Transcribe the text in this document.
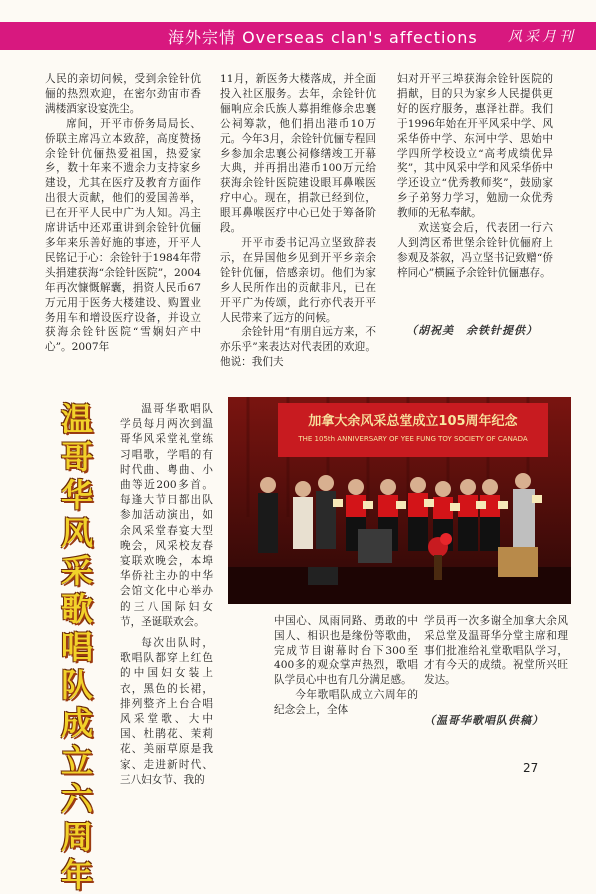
海外宗情 Overseas clan's affections 风采月刊

人民的亲切问候，受到余铨针伉俪的热烈欢迎，在密尔劲宙市香满楼酒家设宴洗尘。

席间，开平市侨务局局长、侨联主席冯立本致辞，高度赞扬余铨针伉俪热爱祖国，热爱家乡，数十年来不遗余力支持家乡建设，尤其在医疗及教育方面作出很大贡献，他们的爱国善举，已在开平人民中广为人知。冯主席讲话中还邓重讲到余铨针伉俪多年来乐善好施的事迹，开平人民铭记于心：余铨针于1984年带头捐建获海“余铨针医院”，2004年再次慷慨解囊，捐资人民币67万元用于医务大楼建设、购置业务用车和增设医疗设备，并设立获海余铨针医院“雪娴妇产中心”。2007年

11月，新医务大楼落成，并全面投入社区服务。去年，余铨针伉俪响应余氏族人募捐维修余忠襄公祠筹款，他们捐出港币10万元。今年3月，余铨针伉俪专程回乡参加余忠襄公祠修缮竣工开幕大典，并再捐出港币100万元给获海余铨针医院建设眼耳鼻喉医疗中心。现在，捐款已经到位，眼耳鼻喉医疗中心已处于筹备阶段。

开平市委书记冯立坚致辞表示，在异国他乡见到开平乡亲余铨针伉俪，倍感亲切。他们为家乡人民所作出的贡献非凡，已在开平广为传颂，此行亦代表开平人民带来了远方的问候。

余铨针用“有朋自远方来，不亦乐乎”来表达对代表团的欢迎。他说：我们夫

妇对开平三埠获海余铨针医院的捐献，目的只为家乡人民提供更好的医疗服务，惠泽社群。我们于1996年始在开平风采中学、风采华侨中学、东河中学、思始中学四所学校设立“高考成绩优异奖”，其中风采中学和风采华侨中学还设立“优秀教师奖”，鼓励家乡子弟努力学习，勉励一众优秀教师的无私奉献。

欢送宴会后，代表团一行六人到湾区希世堡余铨针伉俪府上参观及茶叙，冯立坚书记致赠“侨梓同心”横匾予余铨针伉俪惠存。

（胡祝美　余铁针提供）
温
哥
华
风
采
歌
唱
队
成
立
六
周
年

温哥华歌唱队学员每月两次到温哥华风采堂礼堂练习唱歌，学唱的有时代曲、粤曲、小曲等近200多首。每逢大节日都出队参加活动演出，如余风采堂春宴大型晚会，风采校友春宴联欢晚会，本埠华侨社主办的中华会馆文化中心举办的三八国际妇女节，圣诞联欢会。

每次出队时，歌唱队都穿上红色的中国妇女装上衣，黑色的长裙，排列整齐上台合唱风采堂歌、大中国、杜鹃花、茉莉花、美丽草原是我家、走进新时代、三八妇女节、我的

加拿大余风采总堂成立105周年纪念
THE 105th ANNIVERSARY OF YEE FUNG TOY SOCIETY OF CANADA

中国心、凤雨同路、勇敢的中国人、相识也是缘份等歌曲，完成节目谢幕时台下300至400多的观众掌声热烈，歌唱队学员心中也有几分满足感。

今年歌唱队成立六周年的纪念会上，全体

学员再一次多谢全加拿大余风采总堂及温哥华分堂主席和理事们批准给礼堂歌唱队学习，才有今天的成绩。祝堂所兴旺发达。

（温哥华歌唱队供稿）
27
